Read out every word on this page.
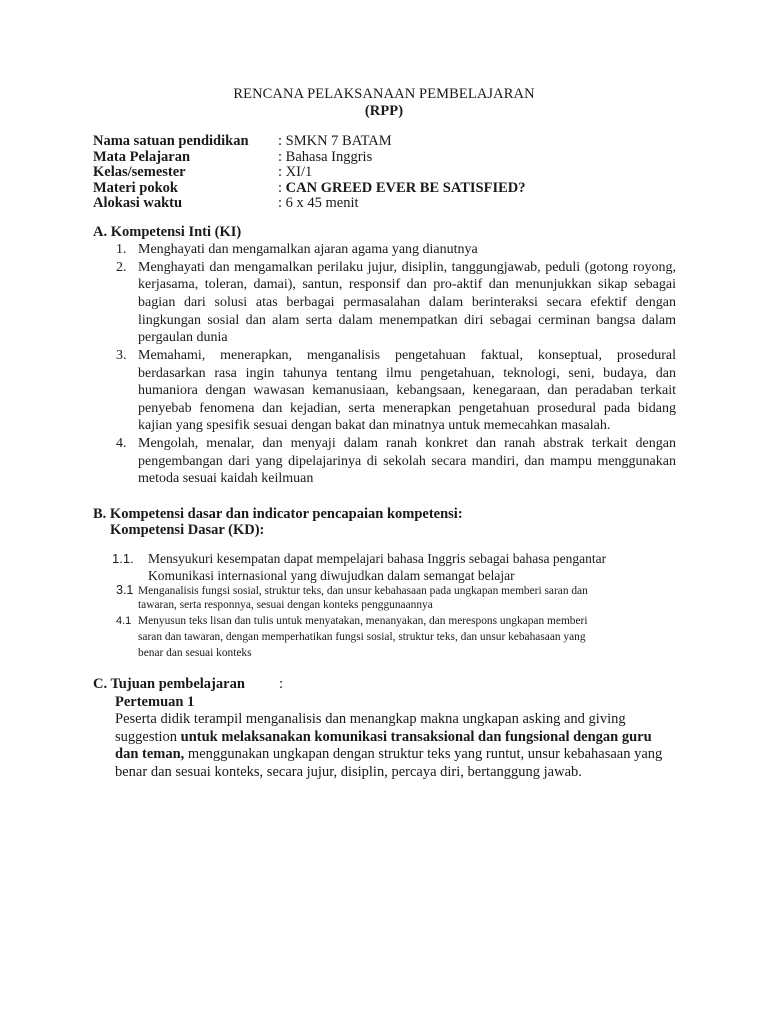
RENCANA PELAKSANAAN PEMBELAJARAN
(RPP)
Nama satuan pendidikan	: SMKN 7 BATAM
Mata Pelajaran	: Bahasa Inggris
Kelas/semester	: XI/1
Materi pokok	: CAN GREED EVER BE SATISFIED?
Alokasi waktu	: 6 x 45 menit
A. Kompetensi Inti (KI)
1. Menghayati dan mengamalkan ajaran agama yang dianutnya
2. Menghayati dan mengamalkan perilaku jujur, disiplin, tanggungjawab, peduli (gotong royong, kerjasama, toleran, damai), santun, responsif dan pro-aktif dan menunjukkan sikap sebagai bagian dari solusi atas berbagai permasalahan dalam berinteraksi secara efektif dengan lingkungan sosial dan alam serta dalam menempatkan diri sebagai cerminan bangsa dalam pergaulan dunia
3. Memahami, menerapkan, menganalisis pengetahuan faktual, konseptual, prosedural berdasarkan rasa ingin tahunya tentang ilmu pengetahuan, teknologi, seni, budaya, dan humaniora dengan wawasan kemanusiaan, kebangsaan, kenegaraan, dan peradaban terkait penyebab fenomena dan kejadian, serta menerapkan pengetahuan prosedural pada bidang kajian yang spesifik sesuai dengan bakat dan minatnya untuk memecahkan masalah.
4. Mengolah, menalar, dan menyaji dalam ranah konkret dan ranah abstrak terkait dengan pengembangan dari yang dipelajarinya di sekolah secara mandiri, dan mampu menggunakan metoda sesuai kaidah keilmuan
B. Kompetensi dasar dan indicator pencapaian kompetensi:
Kompetensi Dasar (KD):
1.1.	Mensyukuri kesempatan dapat mempelajari bahasa Inggris sebagai bahasa pengantar
Komunikasi internasional yang diwujudkan dalam semangat belajar
3.1 Menganalisis fungsi sosial, struktur teks, dan unsur kebahasaan pada ungkapan memberi saran dan
tawaran, serta responnya, sesuai dengan konteks penggunaannya
4.1 Menyusun teks lisan dan tulis untuk menyatakan, menanyakan, dan merespons ungkapan memberi
saran dan tawaran, dengan memperhatikan fungsi sosial, struktur teks, dan unsur kebahasaan yang
benar dan sesuai konteks
C. Tujuan pembelajaran :
Pertemuan 1
Peserta didik terampil menganalisis dan menangkap makna ungkapan asking and giving suggestion untuk melaksanakan komunikasi transaksional dan fungsional dengan guru dan teman, menggunakan ungkapan dengan struktur teks yang runtut, unsur kebahasaan yang benar dan sesuai konteks, secara jujur, disiplin, percaya diri, bertanggung jawab.
